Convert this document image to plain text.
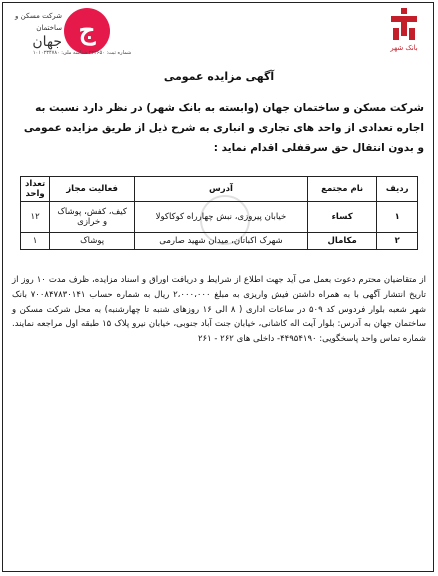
بانک شهر
شرکت مسکن و ساختمان
جهان ج
شماره ثبت: ۲۲۳۶۵۰ شناسه ملی: ۱۰۱۰۲۳۴۷۸۰
آگهی مزایده عمومی
شرکت مسکن و ساختمان جهان (وابسته به بانک شهر) در نظر دارد نسبت به اجاره تعدادی از واحد های تجاری و انباری به شرح ذیل از طریق مزایده عمومی و بدون انتقال حق سرقفلی اقدام نماید :
ردیف	نام مجتمع	آدرس	فعالیت مجاز	تعداد واحد
۱	کساء	خیابان پیروزی، نبش چهارراه کوکاکولا	کیف، کفش، پوشاک و خرازی	۱۲
۲	مکامال	شهرک اکباتان، میدان شهید صارمی	پوشاک	۱
از متقاضیان محترم دعوت بعمل می آید جهت اطلاع از شرایط و دریافت اوراق و اسناد مزایده، ظرف مدت ۱۰ روز از تاریخ انتشار آگهی با به همراه داشتن فیش واریزی به مبلغ ۲،۰۰۰،۰۰۰ ریال به شماره حساب ۷۰۰۸۴۷۸۳۰۱۴۱ بانک شهر شعبه بلوار فردوس کد ۵۰۹ در ساعات اداری ( ۸ الی ۱۶ روزهای شنبه تا چهارشنبه) به محل شرکت مسکن و ساختمان جهان به آدرس: بلوار آیت اله کاشانی، خیابان جنت آباد جنوبی، خیابان نیرو پلاک ۱۵ طبقه اول مراجعه نمایند. شماره تماس واحد پاسخگویی: ۴۴۹۵۴۱۹۰- داخلی های ۲۶۲ - ۲۶۱
